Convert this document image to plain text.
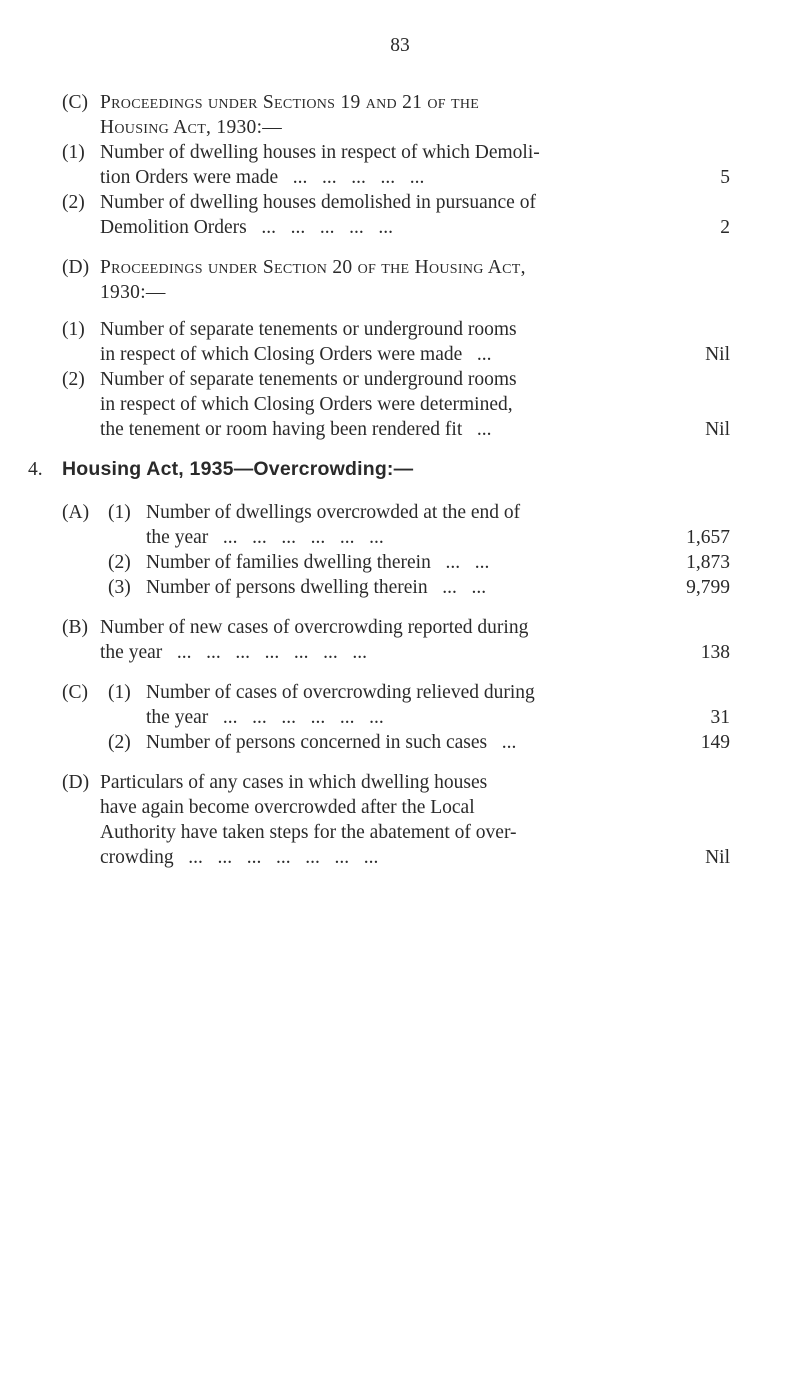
83
(C) Proceedings under Sections 19 and 21 of the
Housing Act, 1930:—
(1) Number of dwelling houses in respect of which Demoli-
tion Orders were made   ...   ...   ...   ...   ...	5
(2) Number of dwelling houses demolished in pursuance of
Demolition Orders   ...   ...   ...   ...   ...	2
(D) Proceedings under Section 20 of the Housing Act,
1930:—
(1) Number of separate tenements or underground rooms
in respect of which Closing Orders were made   ...	Nil
(2) Number of separate tenements or underground rooms
in respect of which Closing Orders were determined,
the tenement or room having been rendered fit   ...	Nil
4. Housing Act, 1935—Overcrowding:—
(A) (1) Number of dwellings overcrowded at the end of
the year   ...   ...   ...   ...   ...   ...	1,657
(2) Number of families dwelling therein   ...   ...	1,873
(3) Number of persons dwelling therein   ...   ...	9,799
(B) Number of new cases of overcrowding reported during
the year   ...   ...   ...   ...   ...   ...   ...	138
(C) (1) Number of cases of overcrowding relieved during
the year   ...   ...   ...   ...   ...   ...	31
(2) Number of persons concerned in such cases   ...	149
(D) Particulars of any cases in which dwelling houses
have again become overcrowded after the Local
Authority have taken steps for the abatement of over-
crowding   ...   ...   ...   ...   ...   ...   ...	Nil
